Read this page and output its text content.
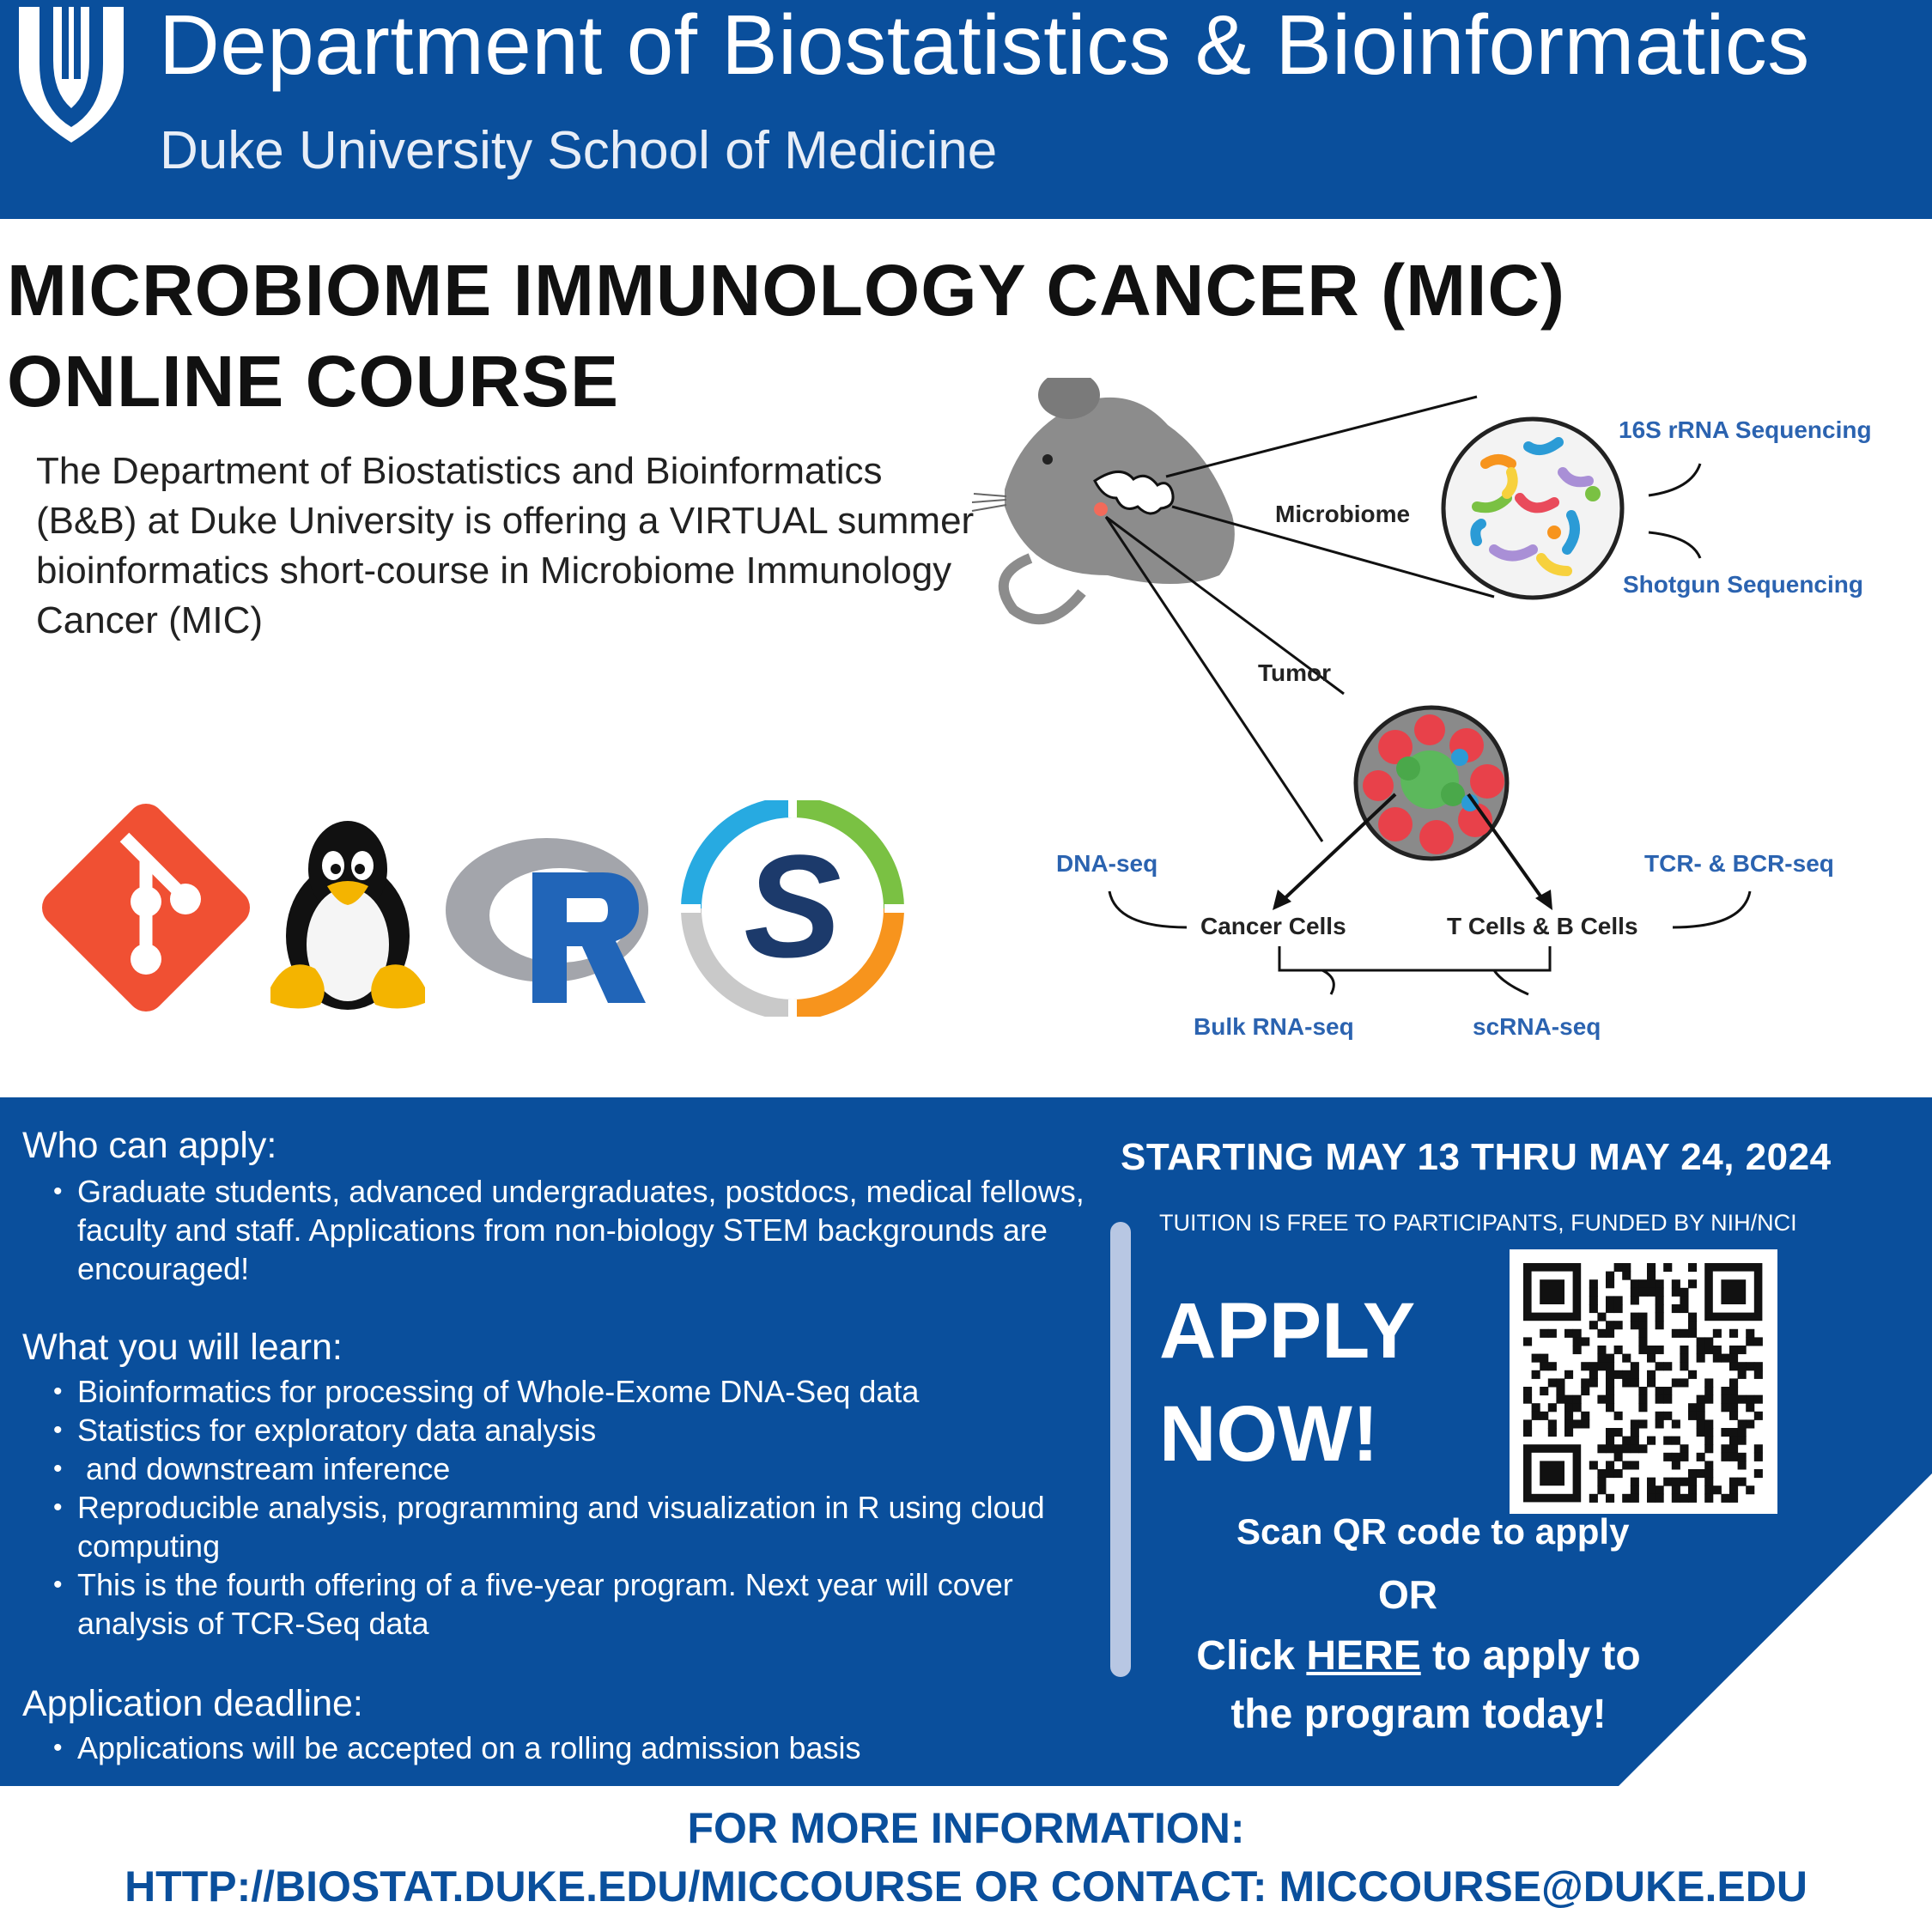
Department of Biostatistics & Bioinformatics
Duke University School of Medicine
MICROBIOME IMMUNOLOGY CANCER (MIC)
ONLINE COURSE
The Department of Biostatistics and Bioinformatics (B&B) at Duke University is offering a VIRTUAL summer bioinformatics short-course in Microbiome Immunology Cancer (MIC)
S
Microbiome
16S rRNA Sequencing
Shotgun Sequencing
Tumor
DNA-seq	TCR- & BCR-seq
Cancer Cells	T Cells & B Cells
Bulk RNA-seq	scRNA-seq
Who can apply:
• Graduate students, advanced undergraduates, postdocs, medical fellows, faculty and staff. Applications from non-biology STEM backgrounds are encouraged!
What you will learn:
• Bioinformatics for processing of Whole-Exome DNA-Seq data
• Statistics for exploratory data analysis
•  and downstream inference
• Reproducible analysis, programming and visualization in R using cloud computing
• This is the fourth offering of a five-year program. Next year will cover analysis of TCR-Seq data
Application deadline:
• Applications will be accepted on a rolling admission basis
STARTING MAY 13 THRU MAY 24, 2024
TUITION IS FREE TO PARTICIPANTS, FUNDED BY NIH/NCI
APPLY
NOW!
Scan QR code to apply
OR
Click HERE to apply to the program today!
FOR MORE INFORMATION:
HTTP://BIOSTAT.DUKE.EDU/MICCOURSE OR CONTACT: MICCOURSE@DUKE.EDU
